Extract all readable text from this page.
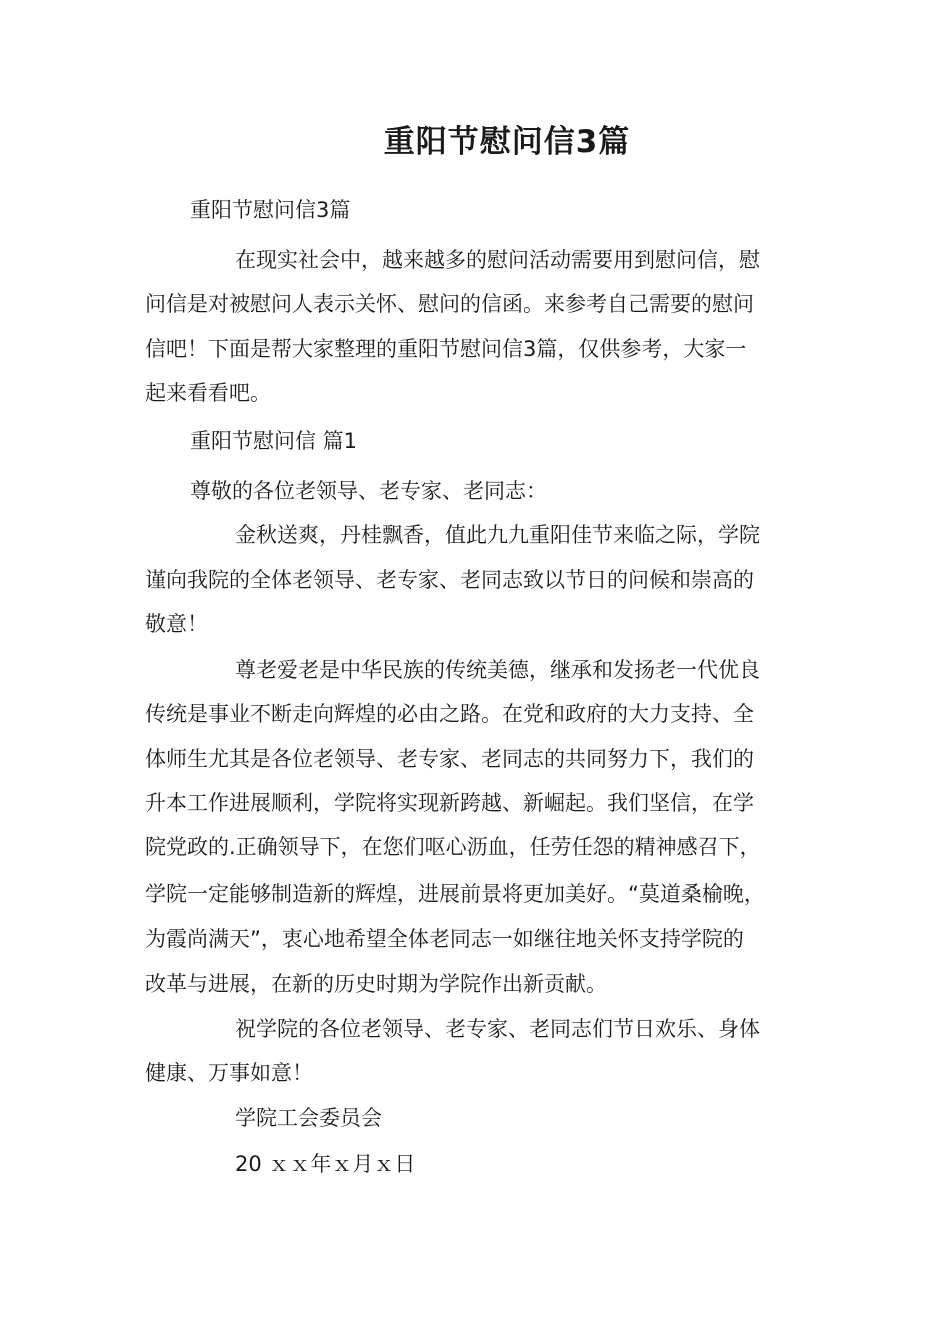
重阳节慰问信3篇
重阳节慰问信3篇
在现实社会中，越来越多的慰问活动需要用到慰问信，慰
问信是对被慰问人表示关怀、慰问的信函。来参考自己需要的慰问
信吧！下面是帮大家整理的重阳节慰问信3篇，仅供参考，大家一
起来看看吧。
重阳节慰问信 篇1
尊敬的各位老领导、老专家、老同志：
金秋送爽，丹桂飘香，值此九九重阳佳节来临之际，学院
谨向我院的全体老领导、老专家、老同志致以节日的问候和崇高的
敬意！
尊老爱老是中华民族的传统美德，继承和发扬老一代优良
传统是事业不断走向辉煌的必由之路。在党和政府的大力支持、全
体师生尤其是各位老领导、老专家、老同志的共同努力下，我们的
升本工作进展顺利，学院将实现新跨越、新崛起。我们坚信，在学
院党政的.正确领导下，在您们呕心沥血，任劳任怨的精神感召下，
学院一定能够制造新的辉煌，进展前景将更加美好。“莫道桑榆晚，
为霞尚满天”，衷心地希望全体老同志一如继往地关怀支持学院的
改革与进展，在新的历史时期为学院作出新贡献。
祝学院的各位老领导、老专家、老同志们节日欢乐、身体
健康、万事如意！
学院工会委员会
20 ｘｘ年ｘ月ｘ日
